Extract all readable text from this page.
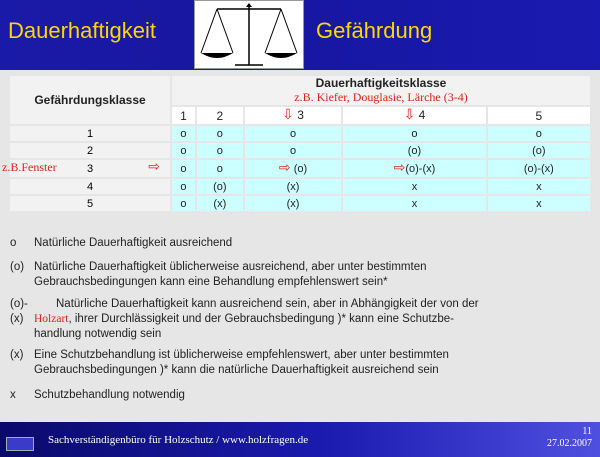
Dauerhaftigkeit	Gefährdung
Gefährdungsklasse	Dauerhaftigkeitsklasse
z.B. Kiefer, Douglasie, Lärche (3-4)				

	1	2	⇩ 3	⇩ 4	5
1	o	o	o	o	o
2	o	o	o	(o)	(o)

z.B.Fenster 3 ⇨	o	o	⇨ (o)	⇨(o)-(x)	(o)-(x)
4	o	(o)	(x)	x	x
5	o	(x)	(x)	x	x
o Natürliche Dauerhaftigkeit ausreichend
(o) Natürliche Dauerhaftigkeit üblicherweise ausreichend, aber unter bestimmten
Gebrauchsbedingungen kann eine Behandlung empfehlenswert sein*
(o)-(x)
Natürliche Dauerhaftigkeit kann ausreichend sein, aber in Abhängigkeit der von der
Holzart, ihrer Durchlässigkeit und der Gebrauchsbedingung )* kann eine Schutzbe-
handlung notwendig sein
(x) Eine Schutzbehandlung ist üblicherweise empfehlenswert, aber unter bestimmten
Gebrauchsbedingungen )* kann die natürliche Dauerhaftigkeit ausreichend sein
x Schutzbehandlung notwendig
Sachverständigenbüro für Holzschutz / www.holzfragen.de
11
27.02.2007
